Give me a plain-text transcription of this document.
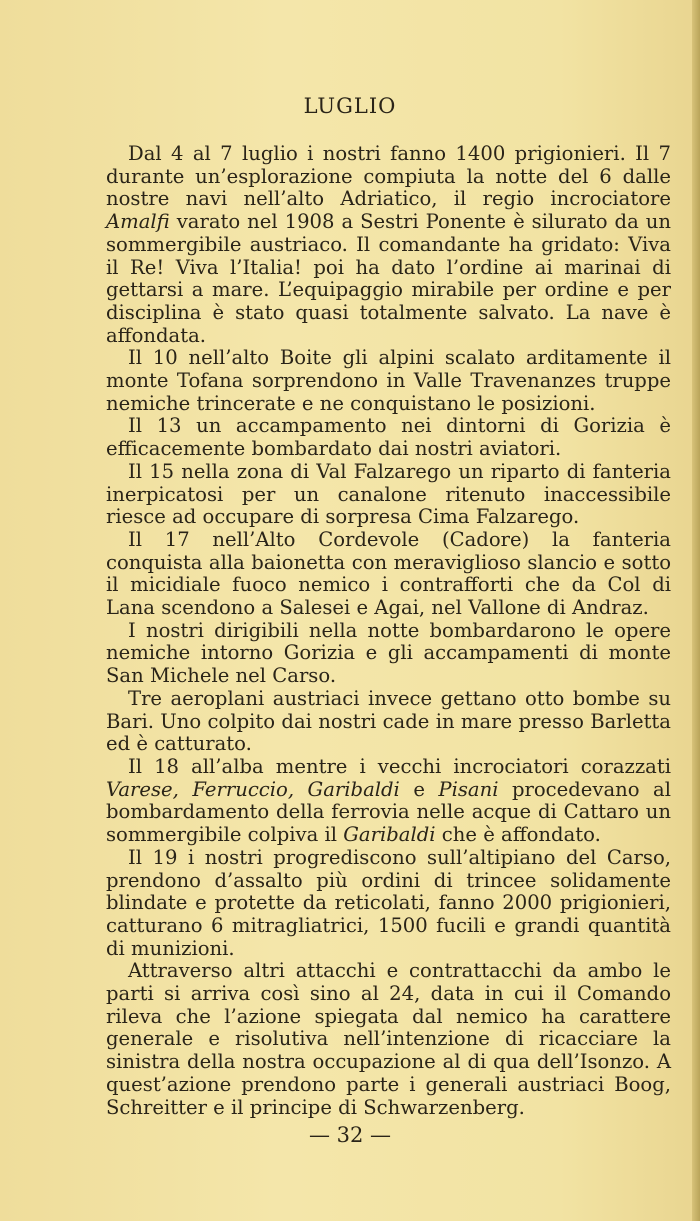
LUGLIO

Dal 4 al 7 luglio i nostri fanno 1400 prigionieri. Il 7 durante un’esplorazione compiuta la notte del 6 dalle nostre navi nell’alto Adriatico, il regio incrociatore Amalfi varato nel 1908 a Sestri Ponente è silurato da un sommergibile austriaco. Il comandante ha gridato: Viva il Re! Viva l’Italia! poi ha dato l’ordine ai marinai di gettarsi a mare. L’equipaggio mirabile per ordine e per disciplina è stato quasi totalmente salvato. La nave è affondata.

Il 10 nell’alto Boite gli alpini scalato arditamente il monte Tofana sorprendono in Valle Travenanzes truppe nemiche trincerate e ne conquistano le posizioni.

Il 13 un accampamento nei dintorni di Gorizia è efficacemente bombardato dai nostri aviatori.

Il 15 nella zona di Val Falzarego un riparto di fanteria inerpicatosi per un canalone ritenuto inaccessibile riesce ad occupare di sorpresa Cima Falzarego.

Il 17 nell’Alto Cordevole (Cadore) la fanteria conquista alla baionetta con meraviglioso slancio e sotto il micidiale fuoco nemico i contrafforti che da Col di Lana scendono a Salesei e Agai, nel Vallone di Andraz.

I nostri dirigibili nella notte bombardarono le opere nemiche intorno Gorizia e gli accampamenti di monte San Michele nel Carso.

Tre aeroplani austriaci invece gettano otto bombe su Bari. Uno colpito dai nostri cade in mare presso Barletta ed è catturato.

Il 18 all’alba mentre i vecchi incrociatori corazzati Varese, Ferruccio, Garibaldi e Pisani procedevano al bombardamento della ferrovia nelle acque di Cattaro un sommergibile colpiva il Garibaldi che è affondato.

Il 19 i nostri progrediscono sull’altipiano del Carso, prendono d’assalto più ordini di trincee solidamente blindate e protette da reticolati, fanno 2000 prigionieri, catturano 6 mitragliatrici, 1500 fucili e grandi quantità di munizioni.

Attraverso altri attacchi e contrattacchi da ambo le parti si arriva così sino al 24, data in cui il Comando rileva che l’azione spiegata dal nemico ha carattere generale e risolutiva nell’intenzione di ricacciare la sinistra della nostra occupazione al di qua dell’Isonzo. A quest’azione prendono parte i generali austriaci Boog, Schreitter e il principe di Schwarzenberg.

— 32 —
